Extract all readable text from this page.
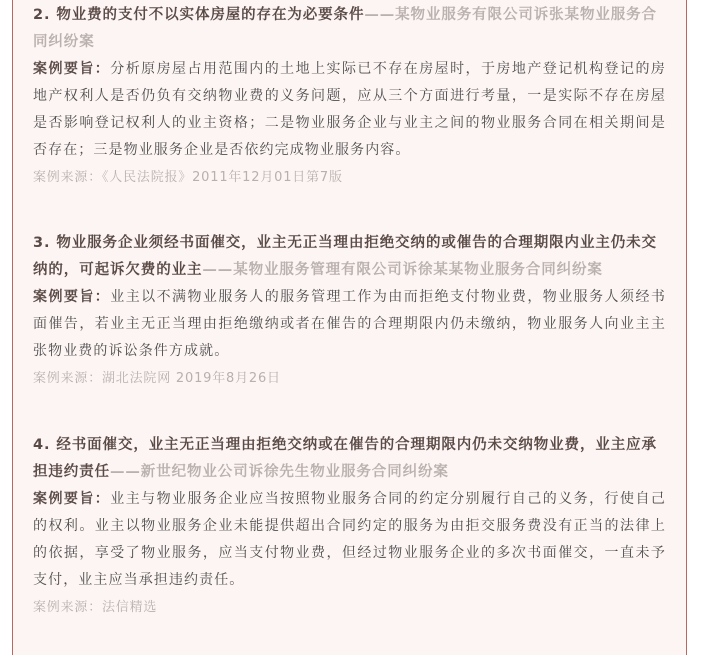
2. 物业费的支付不以实体房屋的存在为必要条件——某物业服务有限公司诉张某物业服务合同纠纷案

案例要旨：分析原房屋占用范围内的土地上实际已不存在房屋时，于房地产登记机构登记的房地产权利人是否仍负有交纳物业费的义务问题，应从三个方面进行考量，一是实际不存在房屋是否影响登记权利人的业主资格；二是物业服务企业与业主之间的物业服务合同在相关期间是否存在；三是物业服务企业是否依约完成物业服务内容。

案例来源：《人民法院报》2011年12月01日第7版

3. 物业服务企业须经书面催交，业主无正当理由拒绝交纳的或催告的合理期限内业主仍未交纳的，可起诉欠费的业主——某物业服务管理有限公司诉徐某某物业服务合同纠纷案

案例要旨：业主以不满物业服务人的服务管理工作为由而拒绝支付物业费，物业服务人须经书面催告，若业主无正当理由拒绝缴纳或者在催告的合理期限内仍未缴纳，物业服务人向业主主张物业费的诉讼条件方成就。

案例来源：湖北法院网 2019年8月26日

4. 经书面催交，业主无正当理由拒绝交纳或在催告的合理期限内仍未交纳物业费，业主应承担违约责任——新世纪物业公司诉徐先生物业服务合同纠纷案

案例要旨：业主与物业服务企业应当按照物业服务合同的约定分别履行自己的义务，行使自己的权利。业主以物业服务企业未能提供超出合同约定的服务为由拒交服务费没有正当的法律上的依据，享受了物业服务，应当支付物业费，但经过物业服务企业的多次书面催交，一直未予支付，业主应当承担违约责任。

案例来源：法信精选
